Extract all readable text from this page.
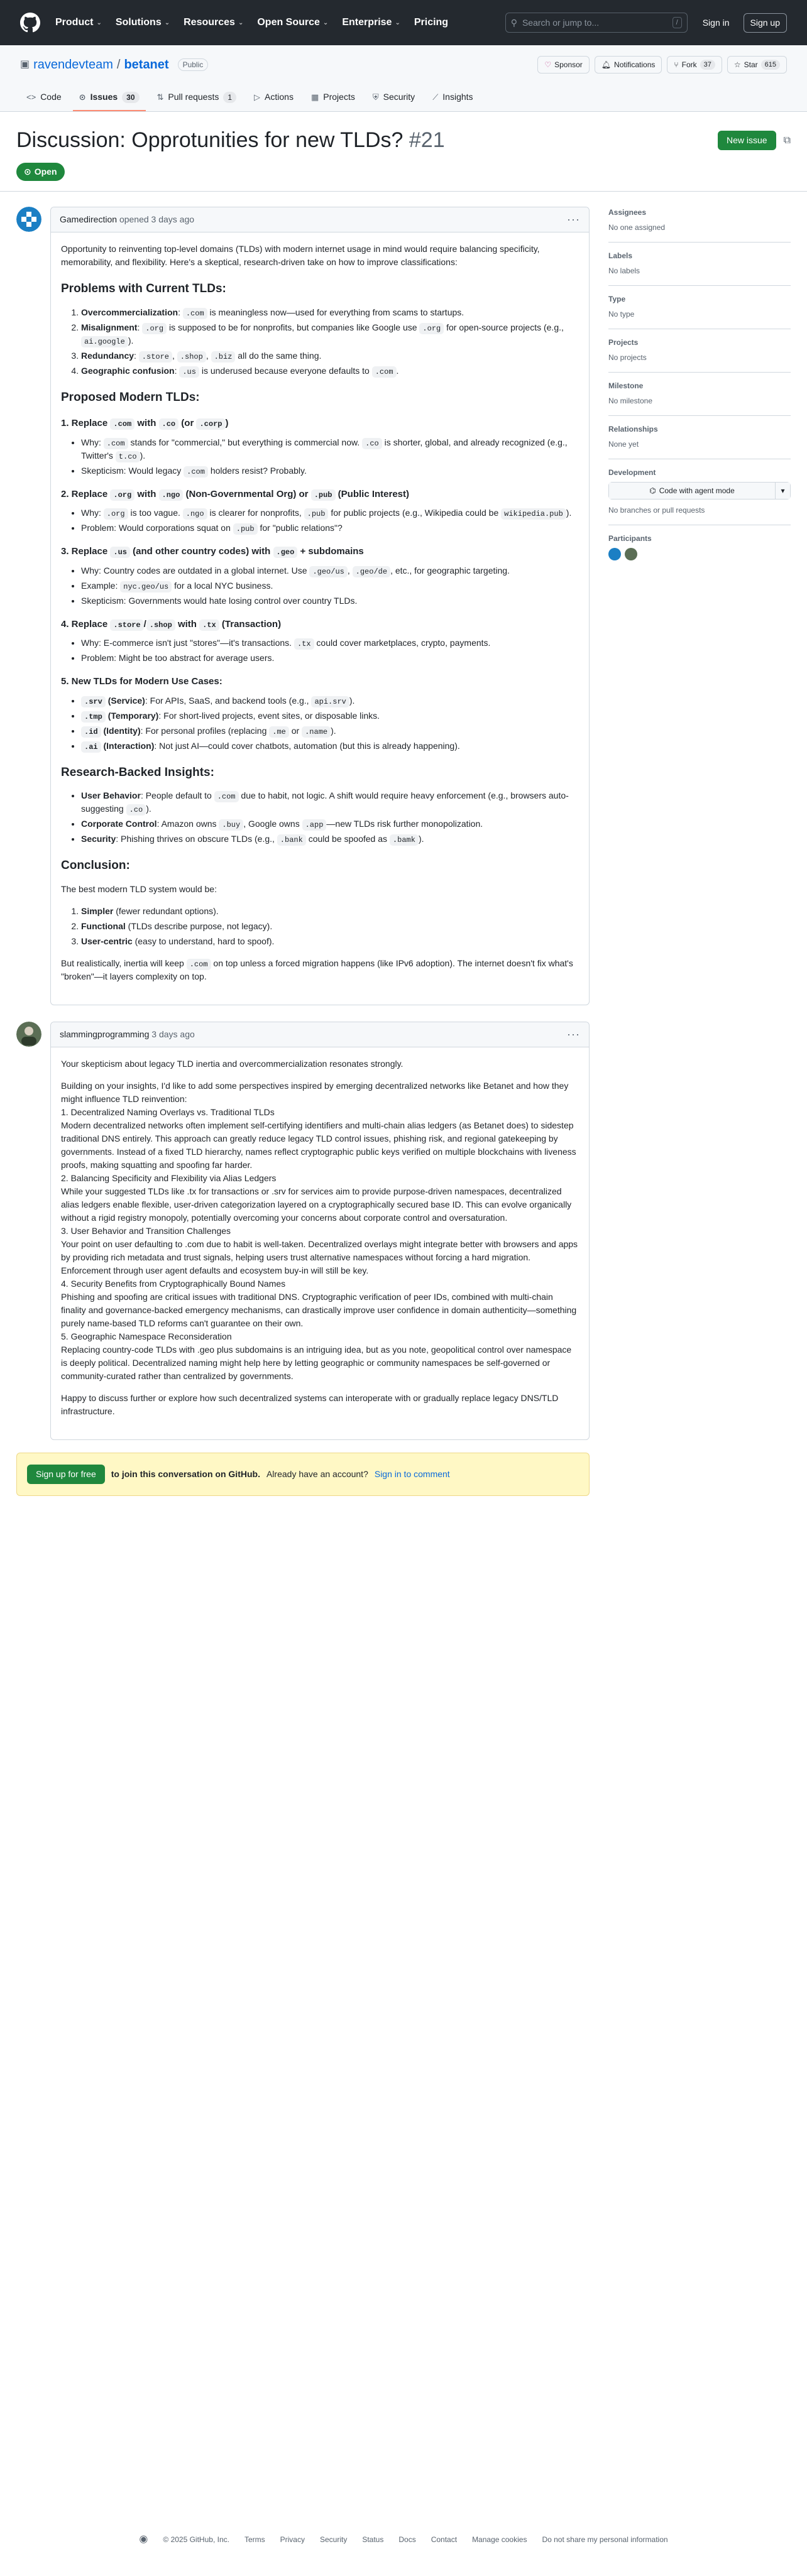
Product ⌄ Solutions ⌄ Resources ⌄ Open Source ⌄ Enterprise ⌄ Pricing	⚲ Search or jump to...	/	Sign in	Sign up
▣ ravendevteam / betanet	Public	♡ Sponsor	🔔︎ Notifications	⑂ Fork	37	☆ Star	615
<> Code ⊙ Issues	30	⇅ Pull requests	1	▷ Actions ▦ Projects ⛨ Security ⟋ Insights
Discussion: Opprotunities for new TLDs? #21	New issue	⧉
⊙ Open
Gamedirection
opened 3 days ago	···

Opportunity to reinventing top-level domains (TLDs) with modern internet usage in mind would require balancing specificity, memorability, and flexibility. Here's a skeptical, research-driven take on how to improve classifications:

Problems with Current TLDs:
1. Overcommercialization: .com is meaningless now—used for everything from scams to startups.
2. Misalignment: .org is supposed to be for nonprofits, but companies like Google use .org for open-source projects (e.g., ai.google ).
3. Redundancy: .store , .shop , .biz all do the same thing.
4. Geographic confusion: .us is underused because everyone defaults to .com .
Proposed Modern TLDs:
1. Replace .com with .co (or .corp )
• Why: .com stands for "commercial," but everything is commercial now. .co is shorter, global, and already recognized (e.g., Twitter's t.co ).
• Skepticism: Would legacy .com holders resist? Probably.
2. Replace .org with .ngo (Non-Governmental Org) or .pub (Public Interest)
• Why: .org is too vague. .ngo is clearer for nonprofits, .pub for public projects (e.g., Wikipedia could be wikipedia.pub ).
• Problem: Would corporations squat on .pub for "public relations"?
3. Replace .us (and other country codes) with .geo + subdomains
• Why: Country codes are outdated in a global internet. Use .geo/us , .geo/de , etc., for geographic targeting.
• Example: nyc.geo/us for a local NYC business.
• Skepticism: Governments would hate losing control over country TLDs.
4. Replace .store / .shop with .tx (Transaction)
• Why: E-commerce isn't just "stores"—it's transactions. .tx could cover marketplaces, crypto, payments.
• Problem: Might be too abstract for average users.
5. New TLDs for Modern Use Cases:
• .srv (Service): For APIs, SaaS, and backend tools (e.g., api.srv ).
• .tmp (Temporary): For short-lived projects, event sites, or disposable links.
• .id (Identity): For personal profiles (replacing .me or .name ).
• .ai (Interaction): Not just AI—could cover chatbots, automation (but this is already happening).
Research-Backed Insights:
• User Behavior: People default to .com due to habit, not logic. A shift would require heavy enforcement (e.g., browsers auto-suggesting .co ).
• Corporate Control: Amazon owns .buy , Google owns .app —new TLDs risk further monopolization.
• Security: Phishing thrives on obscure TLDs (e.g., .bank could be spoofed as .bamk ).
Conclusion:

The best modern TLD system would be:

1. Simpler (fewer redundant options).
2. Functional (TLDs describe purpose, not legacy).
3. User-centric (easy to understand, hard to spoof).

But realistically, inertia will keep .com on top unless a forced migration happens (like IPv6 adoption). The internet doesn't fix what's "broken"—it layers complexity on top.

slammingprogramming
3 days ago	···

Your skepticism about legacy TLD inertia and overcommercialization resonates strongly.

Building on your insights, I'd like to add some perspectives inspired by emerging decentralized networks like Betanet and how they might influence TLD reinvention:
1. Decentralized Naming Overlays vs. Traditional TLDs
Modern decentralized networks often implement self-certifying identifiers and multi-chain alias ledgers (as Betanet does) to sidestep traditional DNS entirely. This approach can greatly reduce legacy TLD control issues, phishing risk, and regional gatekeeping by governments. Instead of a fixed TLD hierarchy, names reflect cryptographic public keys verified on multiple blockchains with liveness proofs, making squatting and spoofing far harder.
2. Balancing Specificity and Flexibility via Alias Ledgers
While your suggested TLDs like .tx for transactions or .srv for services aim to provide purpose-driven namespaces, decentralized alias ledgers enable flexible, user-driven categorization layered on a cryptographically secured base ID. This can evolve organically without a rigid registry monopoly, potentially overcoming your concerns about corporate control and oversaturation.
3. User Behavior and Transition Challenges
Your point on user defaulting to .com due to habit is well-taken. Decentralized overlays might integrate better with browsers and apps by providing rich metadata and trust signals, helping users trust alternative namespaces without forcing a hard migration. Enforcement through user agent defaults and ecosystem buy-in will still be key.
4. Security Benefits from Cryptographically Bound Names
Phishing and spoofing are critical issues with traditional DNS. Cryptographic verification of peer IDs, combined with multi-chain finality and governance-backed emergency mechanisms, can drastically improve user confidence in domain authenticity—something purely name-based TLD reforms can't guarantee on their own.
5. Geographic Namespace Reconsideration
Replacing country-code TLDs with .geo plus subdomains is an intriguing idea, but as you note, geopolitical control over namespace is deeply political. Decentralized naming might help here by letting geographic or community namespaces be self-governed or community-curated rather than centralized by governments.

Happy to discuss further or explore how such decentralized systems can interoperate with or gradually replace legacy DNS/TLD infrastructure.

Sign up for free	to join this conversation on GitHub. Already have an account? Sign in to comment
Assignees
No one assigned
Labels
No labels
Type
No type
Projects
No projects
Milestone
No milestone
Relationships
None yet
Development
⌬ Code with agent mode	▾
No branches or pull requests
Participants
◉ © 2025 GitHub, Inc. Terms Privacy Security Status Docs Contact Manage cookies Do not share my personal information
